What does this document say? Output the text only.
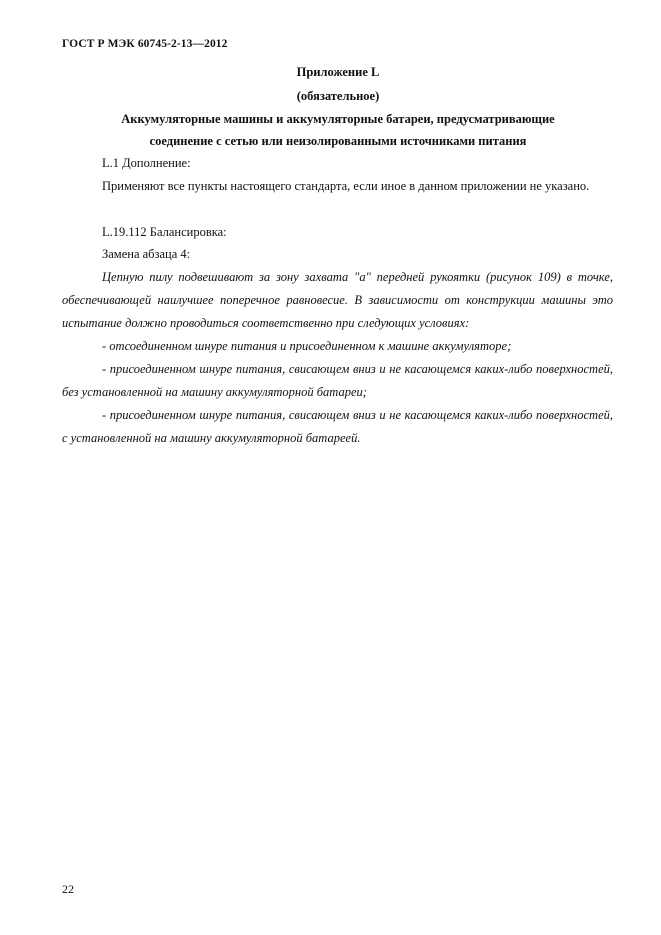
ГОСТ Р МЭК 60745-2-13—2012
Приложение L
(обязательное)
Аккумуляторные машины и аккумуляторные батареи, предусматривающие
соединение с сетью или неизолированными источниками питания
L.1 Дополнение:
Применяют все пункты настоящего стандарта, если иное в данном приложении не указано.
L.19.112 Балансировка:
Замена абзаца 4:
Цепную пилу подвешивают за зону захвата "а" передней рукоятки (рисунок 109) в точке, обеспечивающей наилучшее поперечное равновесие. В зависимости от конструкции машины это испытание должно проводиться соответственно при следующих условиях:
- отсоединенном шнуре питания и присоединенном к машине аккумуляторе;
- присоединенном шнуре питания, свисающем вниз и не касающемся каких-либо поверхностей, без установленной на машину аккумуляторной батареи;
- присоединенном шнуре питания, свисающем вниз и не касающемся каких-либо поверхностей, с установленной на машину аккумуляторной батареей.
22
